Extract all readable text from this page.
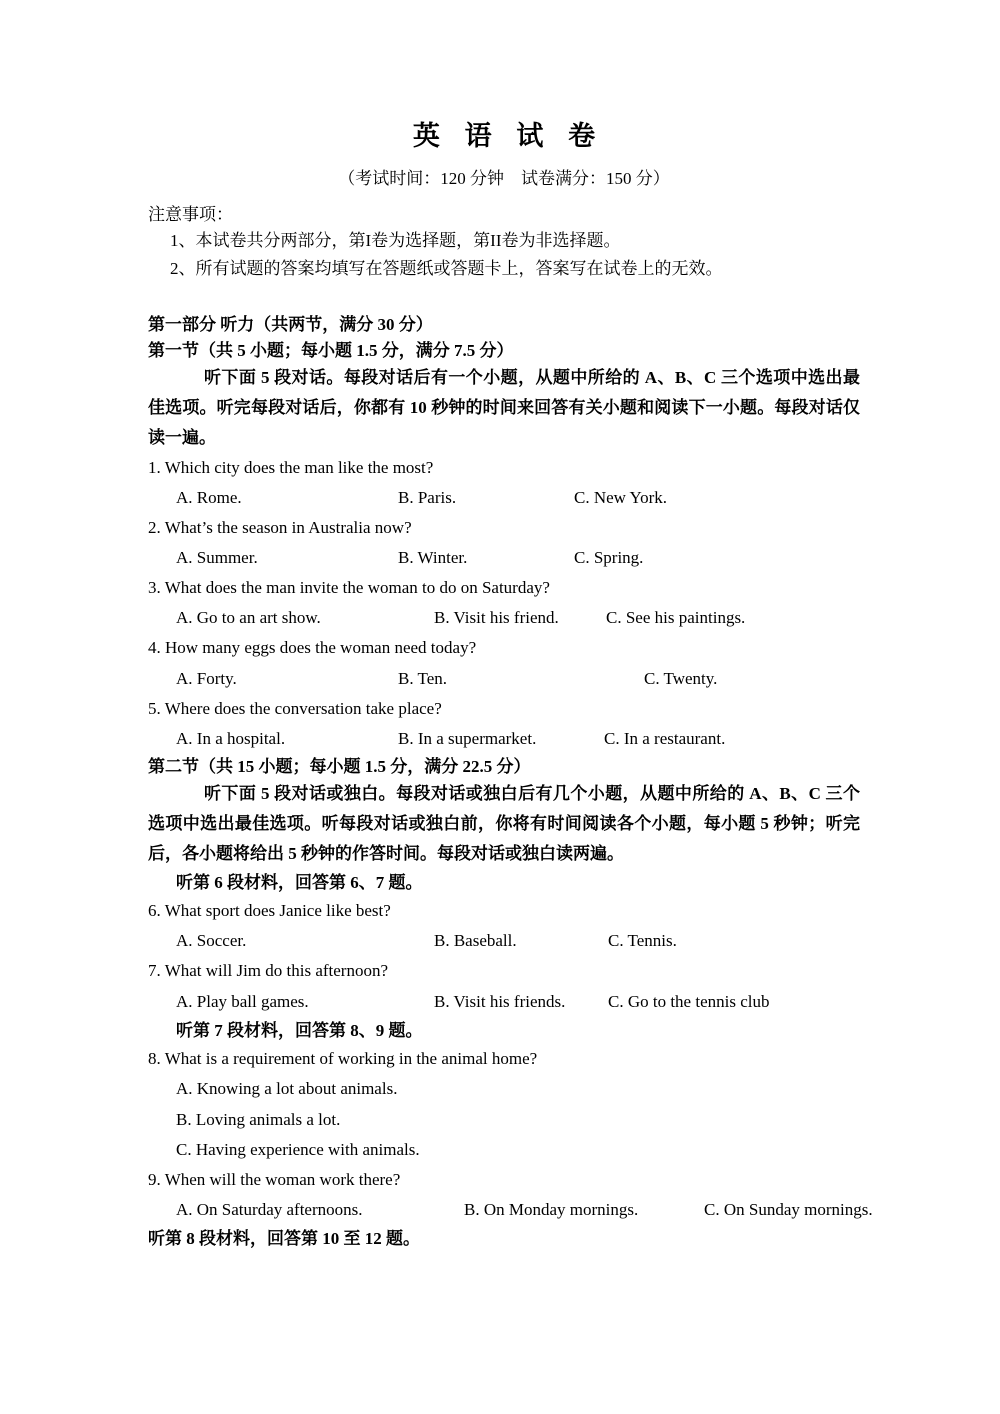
英 语 试 卷

（考试时间：120 分钟　试卷满分：150 分）

注意事项：

1、本试卷共分两部分，第I卷为选择题，第II卷为非选择题。

2、所有试题的答案均填写在答题纸或答题卡上，答案写在试卷上的无效。

第一部分 听力（共两节，满分 30 分）

第一节（共 5 小题；每小题 1.5 分，满分 7.5 分）

听下面 5 段对话。每段对话后有一个小题，从题中所给的 A、B、C 三个选项中选出最佳选项。听完每段对话后，你都有 10 秒钟的时间来回答有关小题和阅读下一小题。每段对话仅读一遍。

1. Which city does the man like the most?
A. Rome.	B. Paris.	C. New York.
2. What’s the season in Australia now?
A. Summer.	B. Winter.	C. Spring.
3. What does the man invite the woman to do on Saturday?
A. Go to an art show.	B. Visit his friend.	C. See his paintings.
4. How many eggs does the woman need today?
A. Forty.	B. Ten.	C. Twenty.
5. Where does the conversation take place?
A. In a hospital.	B. In a supermarket.	C. In a restaurant.

第二节（共 15 小题；每小题 1.5 分，满分 22.5 分）

听下面 5 段对话或独白。每段对话或独白后有几个小题，从题中所给的 A、B、C 三个选项中选出最佳选项。听每段对话或独白前，你将有时间阅读各个小题，每小题 5 秒钟；听完后，各小题将给出 5 秒钟的作答时间。每段对话或独白读两遍。

听第 6 段材料，回答第 6、7 题。

6. What sport does Janice like best?
A. Soccer.	B. Baseball.	C. Tennis.
7. What will Jim do this afternoon?
A. Play ball games.	B. Visit his friends.	C. Go to the tennis club

听第 7 段材料，回答第 8、9 题。

8. What is a requirement of working in the animal home?
A. Knowing a lot about animals.
B. Loving animals a lot.
C. Having experience with animals.
9. When will the woman work there?
A. On Saturday afternoons.	B. On Monday mornings.	C. On Sunday mornings.

听第 8 段材料，回答第 10 至 12 题。
